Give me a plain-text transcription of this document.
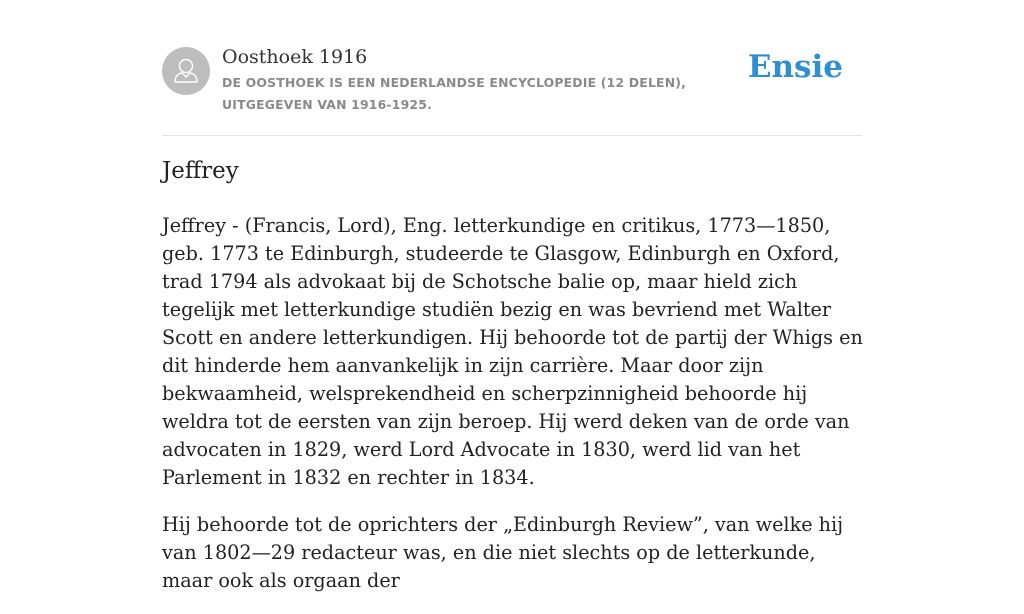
Oosthoek 1916
DE OOSTHOEK IS EEN NEDERLANDSE ENCYCLOPEDIE (12 DELEN), UITGEGEVEN VAN 1916-1925.
Ensie
Jeffrey

Jeffrey - (Francis, Lord), Eng. letterkundige en critikus, 1773—1850, geb. 1773 te Edinburgh, studeerde te Glasgow, Edinburgh en Oxford, trad 1794 als advokaat bij de Schotsche balie op, maar hield zich tegelijk met letterkundige studiën bezig en was bevriend met Walter Scott en andere letterkundigen. Hij behoorde tot de partij der Whigs en dit hinderde hem aanvankelijk in zijn carrière. Maar door zijn bekwaamheid, welsprekendheid en scherpzinnigheid behoorde hij weldra tot de eersten van zijn beroep. Hij werd deken van de orde van advocaten in 1829, werd Lord Advocate in 1830, werd lid van het Parlement in 1832 en rechter in 1834.

Hij behoorde tot de oprichters der „Edinburgh Review”, van welke hij van 1802—29 redacteur was, en die niet slechts op de letterkunde, maar ook als orgaan der
